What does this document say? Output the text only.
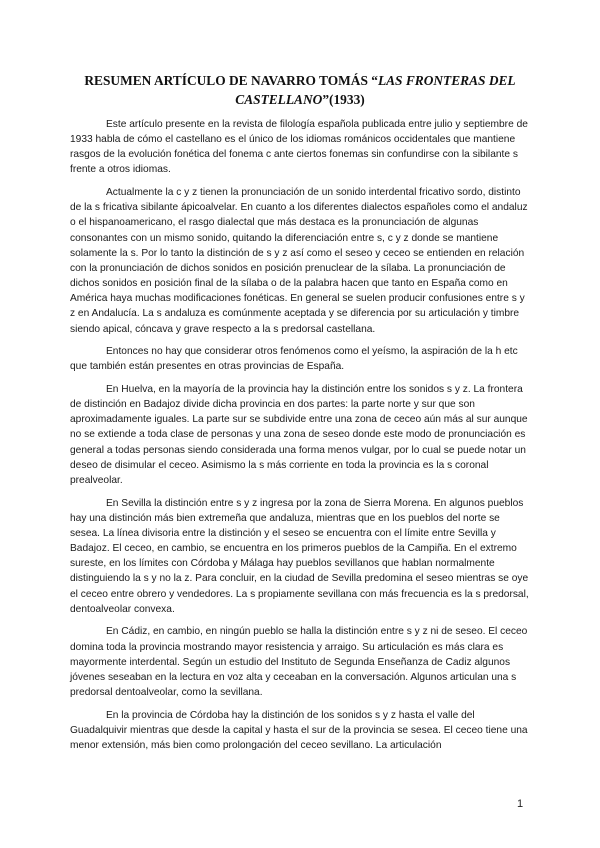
RESUMEN ARTÍCULO DE NAVARRO TOMÁS “LAS FRONTERAS DEL CASTELLANO”(1933)

Este artículo presente en la revista de filología española publicada entre julio y septiembre de 1933 habla de cómo el castellano es el único de los idiomas románicos occidentales que mantiene rasgos de la evolución fonética del fonema c ante ciertos fonemas sin confundirse con la sibilante s frente a otros idiomas.

Actualmente la c y z tienen la pronunciación de un sonido interdental fricativo sordo, distinto de la s fricativa sibilante ápicoalvelar. En cuanto a los diferentes dialectos españoles como el andaluz o el hispanoamericano, el rasgo dialectal que más destaca es la pronunciación de algunas consonantes con un mismo sonido, quitando la diferenciación entre s, c y z donde se mantiene solamente la s. Por lo tanto la distinción de s y z así como el seseo y ceceo se entienden en relación con la pronunciación de dichos sonidos en posición prenuclear de la sílaba. La pronunciación de dichos sonidos en posición final de la sílaba o de la palabra hacen que tanto en España como en América haya muchas modificaciones fonéticas. En general se suelen producir confusiones entre s y z en Andalucía. La s andaluza es comúnmente aceptada y se diferencia por su articulación y timbre siendo apical, cóncava y grave respecto a la s predorsal castellana.

Entonces no hay que considerar otros fenómenos como el yeísmo, la aspiración de la h etc que también están presentes en otras provincias de España.

En Huelva, en la mayoría de la provincia hay la distinción entre los sonidos s y z. La frontera de distinción en Badajoz divide dicha provincia en dos partes: la parte norte y sur que son aproximadamente iguales. La parte sur se subdivide entre una zona de ceceo aún más al sur aunque no se extiende a toda clase de personas y una zona de seseo donde este modo de pronunciación es general a todas personas siendo considerada una forma menos vulgar, por lo cual se puede notar un deseo de disimular el ceceo. Asimismo la s más corriente en toda la provincia es la s coronal prealveolar.

En Sevilla la distinción entre s y z ingresa por la zona de Sierra Morena. En algunos pueblos hay una distinción más bien extremeña que andaluza, mientras que en los pueblos del norte se sesea. La línea divisoria entre la distinción y el seseo se encuentra con el límite entre Sevilla y Badajoz. El ceceo, en cambio, se encuentra en los primeros pueblos de la Campiña. En el extremo sureste, en los límites con Córdoba y Málaga hay pueblos sevillanos que hablan normalmente distinguiendo la s y no la z. Para concluir, en la ciudad de Sevilla predomina el seseo mientras se oye el ceceo entre obrero y vendedores. La s propiamente sevillana con más frecuencia es la s predorsal, dentoalveolar convexa.

En Cádiz, en cambio, en ningún pueblo se halla la distinción entre s y z ni de seseo. El ceceo domina toda la provincia mostrando mayor resistencia y arraigo. Su articulación es más clara es mayormente interdental. Según un estudio del Instituto de Segunda Enseñanza de Cadiz algunos jóvenes seseaban en la lectura en voz alta y ceceaban en la conversación. Algunos articulan una s predorsal dentoalveolar, como la sevillana.

En la provincia de Córdoba hay la distinción de los sonidos s y z hasta el valle del Guadalquivir mientras que desde la capital y hasta el sur de la provincia se sesea. El ceceo tiene una menor extensión, más bien como prolongación del ceceo sevillano. La articulación

1
